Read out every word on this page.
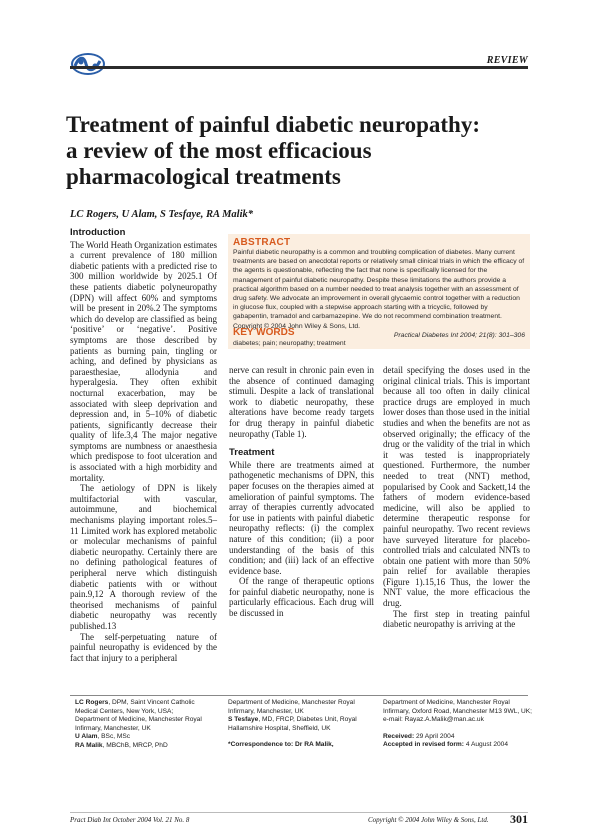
REVIEW
Treatment of painful diabetic neuropathy:
a review of the most efficacious
pharmacological treatments
LC Rogers, U Alam, S Tesfaye, RA Malik*
Introduction

The World Heath Organization estimates a current prevalence of 180 million diabetic patients with a predicted rise to 300 million worldwide by 2025.1 Of these patients diabetic polyneuropathy (DPN) will affect 60% and symptoms will be present in 20%.2 The symptoms which do develop are classified as being ‘positive’ or ‘negative’. Positive symptoms are those described by patients as burning pain, tingling or aching, and defined by physicians as paraesthesiae, allodynia and hyperalgesia. They often exhibit nocturnal exacerbation, may be associated with sleep deprivation and depression and, in 5–10% of diabetic patients, significantly decrease their quality of life.3,4 The major negative symptoms are numbness or anaesthesia which predispose to foot ulceration and is associated with a high morbidity and mortality.

The aetiology of DPN is likely multifactorial with vascular, autoimmune, and biochemical mechanisms playing important roles.5–11 Limited work has explored metabolic or molecular mechanisms of painful diabetic neuropathy. Certainly there are no defining pathological features of peripheral nerve which distinguish diabetic patients with or without pain.9,12 A thorough review of the theorised mechanisms of painful diabetic neuropathy was recently published.13

The self-perpetuating nature of painful neuropathy is evidenced by the fact that injury to a peripheral

ABSTRACT
Painful diabetic neuropathy is a common and troubling complication of diabetes. Many current treatments are based on anecdotal reports or relatively small clinical trials in which the efficacy of the agents is questionable, reflecting the fact that none is specifically licensed for the management of painful diabetic neuropathy. Despite these limitations the authors provide a practical algorithm based on a number needed to treat analysis together with an assessment of drug safety. We advocate an improvement in overall glycaemic control together with a reduction in glucose flux, coupled with a stepwise approach starting with a tricyclic, followed by gabapentin, tramadol and carbamazepine. We do not recommend combination treatment. Copyright © 2004 John Wiley & Sons, Ltd.
Practical Diabetes Int 2004; 21(8): 301–306
KEY WORDS
diabetes; pain; neuropathy; treatment

nerve can result in chronic pain even in the absence of continued damaging stimuli. Despite a lack of translational work to diabetic neuropathy, these alterations have become ready targets for drug therapy in painful diabetic neuropathy (Table 1).

Treatment

While there are treatments aimed at pathogenetic mechanisms of DPN, this paper focuses on the therapies aimed at amelioration of painful symptoms. The array of therapies currently advocated for use in patients with painful diabetic neuropathy reflects: (i) the complex nature of this condition; (ii) a poor understanding of the basis of this condition; and (iii) lack of an effective evidence base.

Of the range of therapeutic options for painful diabetic neuropathy, none is particularly efficacious. Each drug will be discussed in

detail specifying the doses used in the original clinical trials. This is important because all too often in daily clinical practice drugs are employed in much lower doses than those used in the initial studies and when the benefits are not as observed originally; the efficacy of the drug or the validity of the trial in which it was tested is inappropriately questioned. Furthermore, the number needed to treat (NNT) method, popularised by Cook and Sackett,14 the fathers of modern evidence-based medicine, will also be applied to determine therapeutic response for painful neuropathy. Two recent reviews have surveyed literature for placebo-controlled trials and calculated NNTs to obtain one patient with more than 50% pain relief for available therapies (Figure 1).15,16 Thus, the lower the NNT value, the more efficacious the drug.

The first step in treating painful diabetic neuropathy is arriving at the

LC Rogers, DPM, Saint Vincent Catholic Medical Centers, New York, USA;
Department of Medicine, Manchester Royal Infirmary, Manchester, UK
U Alam, BSc, MSc
RA Malik, MBChB, MRCP, PhD
Department of Medicine, Manchester Royal Infirmary, Manchester, UK
S Tesfaye, MD, FRCP, Diabetes Unit, Royal Hallamshire Hospital, Sheffield, UK
*Correspondence to: Dr RA Malik,
Department of Medicine, Manchester Royal Infirmary, Oxford Road, Manchester M13 9WL, UK; e-mail: Rayaz.A.Malik@man.ac.uk
Received: 29 April 2004
Accepted in revised form: 4 August 2004
Pract Diab Int October 2004 Vol. 21 No. 8	Copyright © 2004 John Wiley & Sons, Ltd. 301
